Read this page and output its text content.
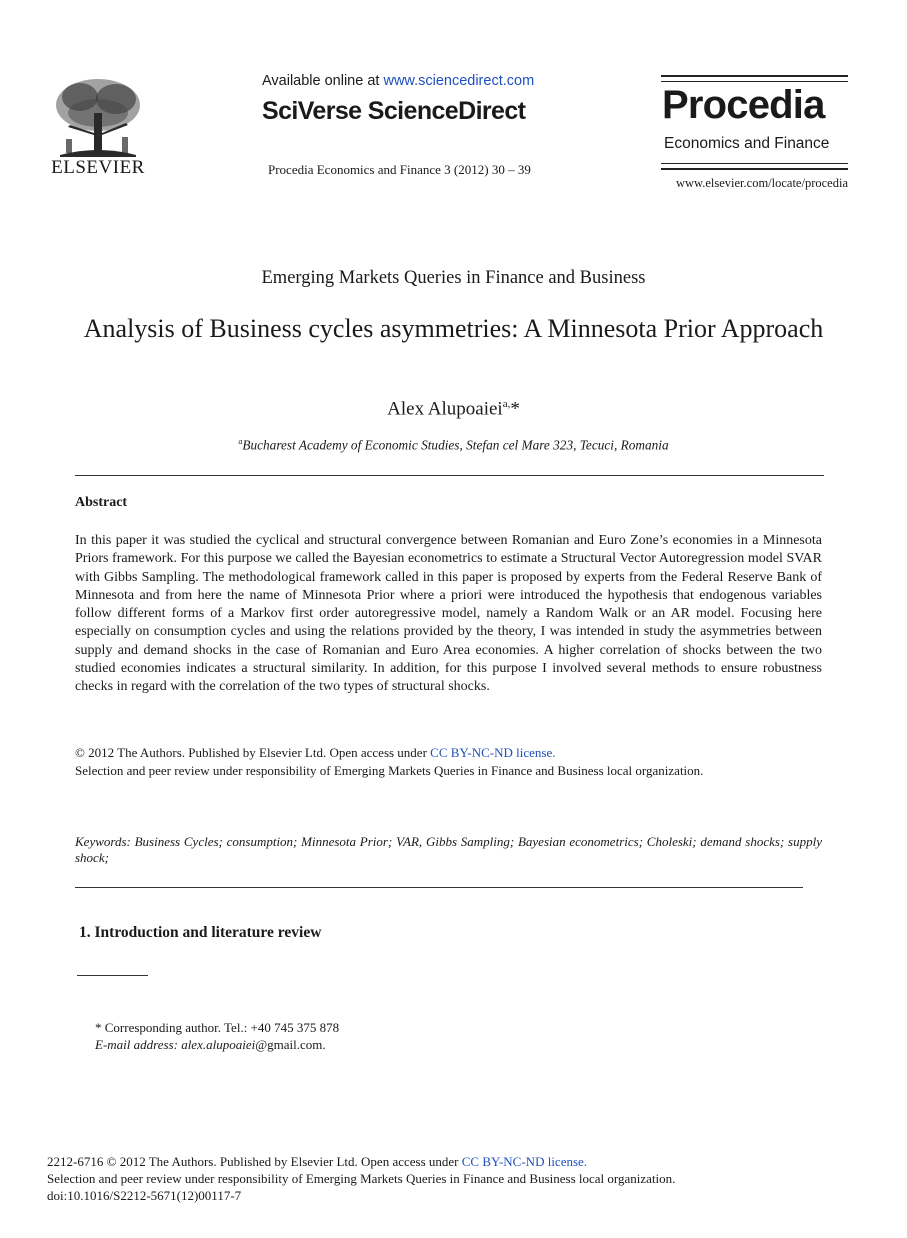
ELSEVIER
Available online at www.sciencedirect.com
SciVerse ScienceDirect
Procedia Economics and Finance 3 (2012) 30 – 39
Procedia
Economics and Finance
www.elsevier.com/locate/procedia
Emerging Markets Queries in Finance and Business
Analysis of Business cycles asymmetries: A Minnesota Prior Approach
Alex Alupoaiei$^{a,}$*
$^a$Bucharest Academy of Economic Studies, Stefan cel Mare 323, Tecuci, Romania
Abstract
In this paper it was studied the cyclical and structural convergence between Romanian and Euro Zone’s economies in a Minnesota Priors framework. For this purpose we called the Bayesian econometrics to estimate a Structural Vector Autoregression model SVAR with Gibbs Sampling. The methodological framework called in this paper is proposed by experts from the Federal Reserve Bank of Minnesota and from here the name of Minnesota Prior where a priori were introduced the hypothesis that endogenous variables follow different forms of a Markov first order autoregressive model, namely a Random Walk or an AR model. Focusing here especially on consumption cycles and using the relations provided by the theory, I was intended in study the asymmetries between supply and demand shocks in the case of Romanian and Euro Area economies. A higher correlation of shocks between the two studied economies indicates a structural similarity. In addition, for this purpose I involved several methods to ensure robustness checks in regard with the correlation of the two types of structural shocks.
© 2012 The Authors. Published by Elsevier Ltd. Open access under CC BY-NC-ND license.
Selection and peer review under responsibility of Emerging Markets Queries in Finance and Business local organization.
Keywords: Business Cycles; consumption; Minnesota Prior; VAR, Gibbs Sampling; Bayesian econometrics; Choleski; demand shocks; supply shock;
1. Introduction and literature review
* Corresponding author. Tel.: +40 745 375 878
E-mail address: alex.alupoaiei@gmail.com.
2212-6716 © 2012 The Authors. Published by Elsevier Ltd. Open access under CC BY-NC-ND license.
Selection and peer review under responsibility of Emerging Markets Queries in Finance and Business local organization.
doi:10.1016/S2212-5671(12)00117-7
